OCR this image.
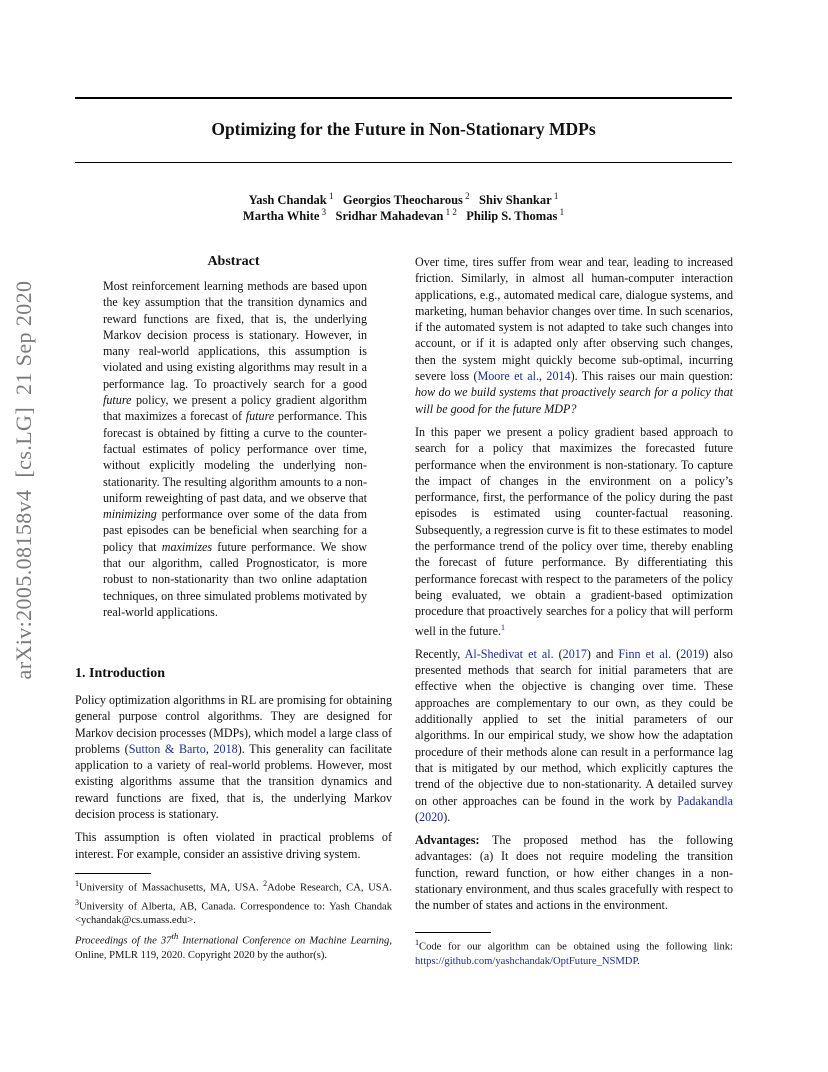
Optimizing for the Future in Non-Stationary MDPs
Yash Chandak $^1$ Georgios Theocharous $^2$ Shiv Shankar $^1$
Martha White $^3$ Sridhar Mahadevan $^{1 2}$ Philip S. Thomas $^1$
arXiv:2005.08158v4[cs.LG]21 Sep 2020
Abstract

Most reinforcement learning methods are based upon the key assumption that the transition dynamics and reward functions are fixed, that is, the underlying Markov decision process is stationary. However, in many real-world applications, this assumption is violated and using existing algorithms may result in a performance lag. To proactively search for a good future policy, we present a policy gradient algorithm that maximizes a forecast of future performance. This forecast is obtained by fitting a curve to the counter-factual estimates of policy performance over time, without explicitly modeling the underlying non-stationarity. The resulting algorithm amounts to a non-uniform reweighting of past data, and we observe that minimizing performance over some of the data from past episodes can be beneficial when searching for a policy that maximizes future performance. We show that our algorithm, called Prognosticator, is more robust to non-stationarity than two online adaptation techniques, on three simulated problems motivated by real-world applications.

1. Introduction

Policy optimization algorithms in RL are promising for obtaining general purpose control algorithms. They are designed for Markov decision processes (MDPs), which model a large class of problems (Sutton & Barto, 2018). This generality can facilitate application to a variety of real-world problems. However, most existing algorithms assume that the transition dynamics and reward functions are fixed, that is, the underlying Markov decision process is stationary.

This assumption is often violated in practical problems of interest. For example, consider an assistive driving system.

$^1$University of Massachusetts, MA, USA. $^2$Adobe Research, CA, USA. $^3$University of Alberta, AB, Canada. Correspondence to: Yash Chandak <ychandak@cs.umass.edu>.
Proceedings of the 37th International Conference on Machine Learning, Online, PMLR 119, 2020. Copyright 2020 by the author(s).

Over time, tires suffer from wear and tear, leading to increased friction. Similarly, in almost all human-computer interaction applications, e.g., automated medical care, dialogue systems, and marketing, human behavior changes over time. In such scenarios, if the automated system is not adapted to take such changes into account, or if it is adapted only after observing such changes, then the system might quickly become sub-optimal, incurring severe loss (Moore et al., 2014). This raises our main question: how do we build systems that proactively search for a policy that will be good for the future MDP?

In this paper we present a policy gradient based approach to search for a policy that maximizes the forecasted future performance when the environment is non-stationary. To capture the impact of changes in the environment on a policy’s performance, first, the performance of the policy during the past episodes is estimated using counter-factual reasoning. Subsequently, a regression curve is fit to these estimates to model the performance trend of the policy over time, thereby enabling the forecast of future performance. By differentiating this performance forecast with respect to the parameters of the policy being evaluated, we obtain a gradient-based optimization procedure that proactively searches for a policy that will perform well in the future.$^1$

Recently, Al-Shedivat et al. (2017) and Finn et al. (2019) also presented methods that search for initial parameters that are effective when the objective is changing over time. These approaches are complementary to our own, as they could be additionally applied to set the initial parameters of our algorithms. In our empirical study, we show how the adaptation procedure of their methods alone can result in a performance lag that is mitigated by our method, which explicitly captures the trend of the objective due to non-stationarity. A detailed survey on other approaches can be found in the work by Padakandla (2020).

Advantages: The proposed method has the following advantages: (a) It does not require modeling the transition function, reward function, or how either changes in a non-stationary environment, and thus scales gracefully with respect to the number of states and actions in the environment.

$^1$Code for our algorithm can be obtained using the following link: https://github.com/yashchandak/OptFuture_NSMDP.
